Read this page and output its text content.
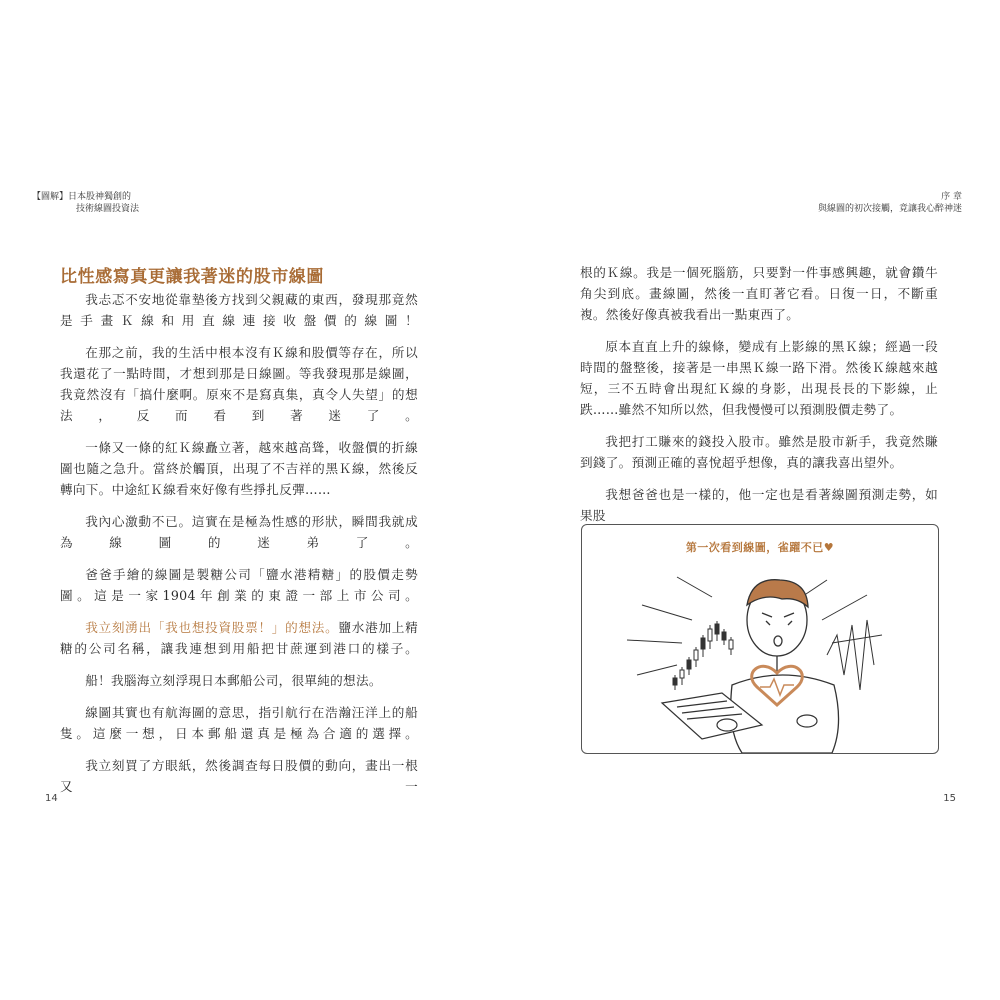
【圖解】日本股神獨創的
技術線圖投資法
序 章
與線圖的初次接觸，竟讓我心醉神迷
比性感寫真更讓我著迷的股市線圖

我忐忑不安地從靠墊後方找到父親藏的東西，發現那竟然是手畫Ｋ線和用直線連接收盤價的線圖！

在那之前，我的生活中根本沒有Ｋ線和股價等存在，所以我還花了一點時間，才想到那是日線圖。等我發現那是線圖，我竟然沒有「搞什麼啊。原來不是寫真集，真令人失望」的想法，反而看到著迷了。

一條又一條的紅Ｋ線矗立著，越來越高聳，收盤價的折線圖也隨之急升。當終於觸頂，出現了不吉祥的黑Ｋ線，然後反轉向下。中途紅Ｋ線看來好像有些掙扎反彈……

我內心激動不已。這實在是極為性感的形狀，瞬間我就成為線圖的迷弟了。

爸爸手繪的線圖是製糖公司「鹽水港精糖」的股價走勢圖。這是一家1904年創業的東證一部上市公司。

我立刻湧出「我也想投資股票！」的想法。鹽水港加上精糖的公司名稱，讓我連想到用船把甘蔗運到港口的樣子。

船！我腦海立刻浮現日本郵船公司，很單純的想法。

線圖其實也有航海圖的意思，指引航行在浩瀚汪洋上的船隻。這麼一想，日本郵船還真是極為合適的選擇。

我立刻買了方眼紙，然後調查每日股價的動向，畫出一根又一

根的Ｋ線。我是一個死腦筋，只要對一件事感興趣，就會鑽牛角尖到底。畫線圖，然後一直盯著它看。日復一日，不斷重複。然後好像真被我看出一點東西了。

原本直直上升的線條，變成有上影線的黑Ｋ線；經過一段時間的盤整後，接著是一串黑Ｋ線一路下滑。然後Ｋ線越來越短，三不五時會出現紅Ｋ線的身影，出現長長的下影線，止跌……雖然不知所以然，但我慢慢可以預測股價走勢了。

我把打工賺來的錢投入股市。雖然是股市新手，我竟然賺到錢了。預測正確的喜悅超乎想像，真的讓我喜出望外。

我想爸爸也是一樣的，他一定也是看著線圖預測走勢，如果股

第一次看到線圖，雀躍不已♥
14	15
